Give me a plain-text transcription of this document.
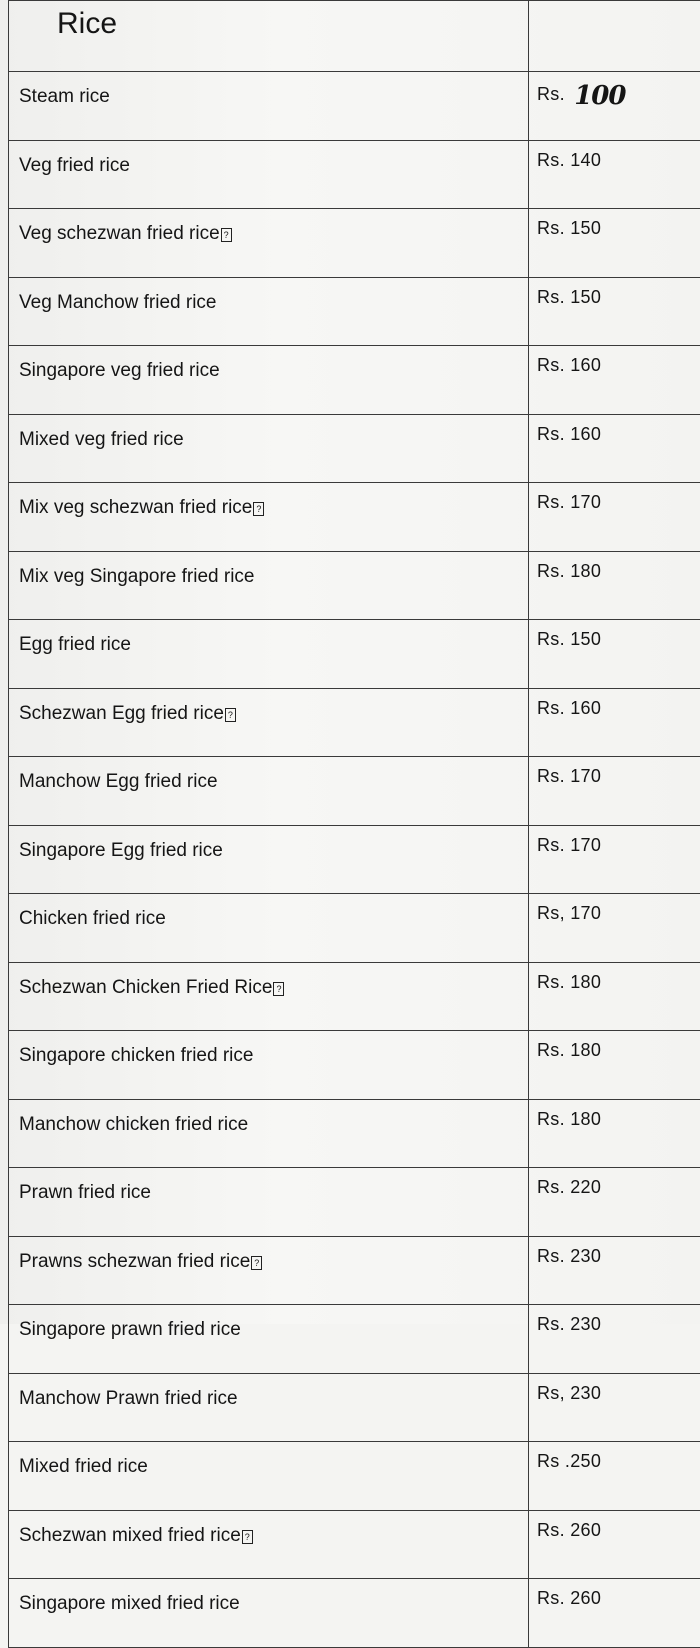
Rice	
Steam rice	Rs. 100
Veg fried rice	Rs. 140
Veg schezwan fried rice ?	Rs. 150
Veg Manchow fried rice	Rs. 150
Singapore veg fried rice	Rs. 160
Mixed veg fried rice	Rs. 160
Mix veg schezwan fried rice ?	Rs. 170
Mix veg Singapore fried rice	Rs. 180
Egg fried rice	Rs. 150
Schezwan Egg fried rice ?	Rs. 160
Manchow Egg fried rice	Rs. 170
Singapore Egg fried rice	Rs. 170
Chicken fried rice	Rs, 170
Schezwan Chicken Fried Rice ?	Rs. 180
Singapore chicken fried rice	Rs. 180
Manchow chicken fried rice	Rs. 180
Prawn fried rice	Rs. 220
Prawns schezwan fried rice ?	Rs. 230
Singapore prawn fried rice	Rs. 230
Manchow Prawn fried rice	Rs, 230
Mixed fried rice	Rs .250
Schezwan mixed fried rice ?	Rs. 260
Singapore mixed fried rice	Rs. 260
